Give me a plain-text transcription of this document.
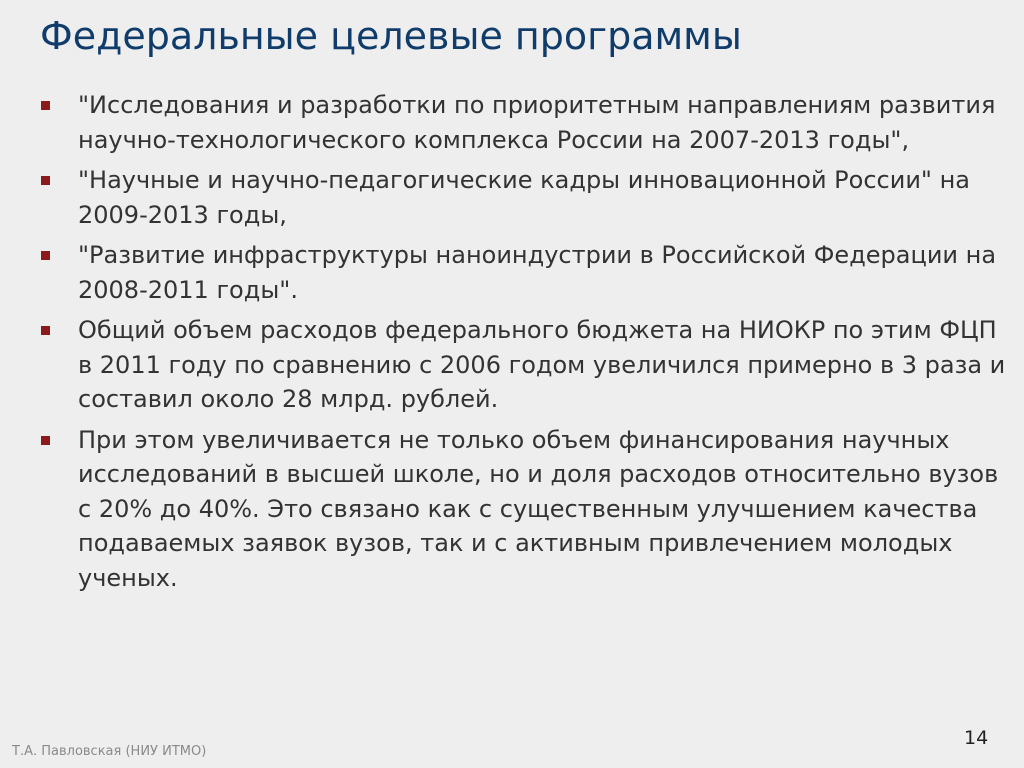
Федеральные целевые программы
"Исследования и разработки по приоритетным направлениям развития научно-технологического комплекса России на 2007-2013 годы",
"Научные и научно-педагогические кадры инновационной России" на 2009-2013 годы,
"Развитие инфраструктуры наноиндустрии в Российской Федерации на 2008-2011 годы".
Общий объем расходов федерального бюджета на НИОКР по этим ФЦП в 2011 году по сравнению с 2006 годом увеличился примерно в 3 раза и составил около 28 млрд. рублей.
При этом увеличивается не только объем финансирования научных исследований в высшей школе, но и доля расходов относительно вузов с 20% до 40%. Это связано как с существенным улучшением качества подаваемых заявок вузов, так и с активным привлечением молодых ученых.
Т.А. Павловская (НИУ ИТМО)
14
